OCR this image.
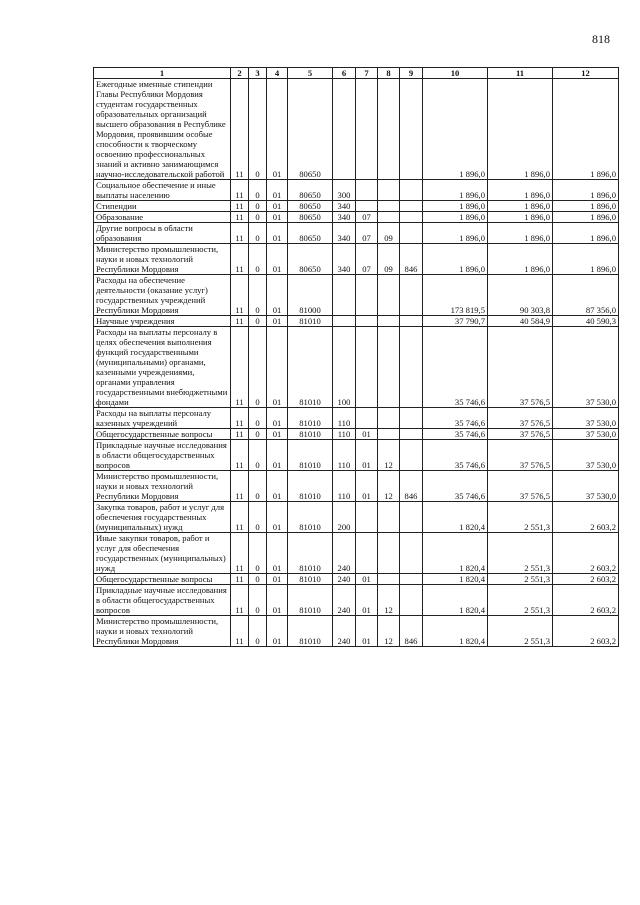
818
1	2	3	4	5	6	7	8	9	10	11	12
Ежегодные именные стипендии Главы Республики Мордовия студентам государственных образовательных организаций высшего образования в Республике Мордовия, проявившим особые способности к творческому освоению профессиональных знаний и активно занимающимся научно-исследовательской работой	11	0	01	80650					1 896,0	1 896,0	1 896,0
Социальное обеспечение и иные выплаты населению	11	0	01	80650	300				1 896,0	1 896,0	1 896,0
Стипендии	11	0	01	80650	340				1 896,0	1 896,0	1 896,0
Образование	11	0	01	80650	340	07			1 896,0	1 896,0	1 896,0
Другие вопросы в области образования	11	0	01	80650	340	07	09		1 896,0	1 896,0	1 896,0
Министерство промышленности, науки и новых технологий Республики Мордовия	11	0	01	80650	340	07	09	846	1 896,0	1 896,0	1 896,0
Расходы на обеспечение деятельности (оказание услуг) государственных учреждений Республики Мордовия	11	0	01	81000					173 819,5	90 303,8	87 356,0
Научные учреждения	11	0	01	81010					37 790,7	40 584,9	40 590,3
Расходы на выплаты персоналу в целях обеспечения выполнения функций государственными (муниципальными) органами, казенными учреждениями, органами управления государственными внебюджетными фондами	11	0	01	81010	100				35 746,6	37 576,5	37 530,0
Расходы на выплаты персоналу казенных учреждений	11	0	01	81010	110				35 746,6	37 576,5	37 530,0
Общегосударственные вопросы	11	0	01	81010	110	01			35 746,6	37 576,5	37 530,0
Прикладные научные исследования в области общегосударственных вопросов	11	0	01	81010	110	01	12		35 746,6	37 576,5	37 530,0
Министерство промышленности, науки и новых технологий Республики Мордовия	11	0	01	81010	110	01	12	846	35 746,6	37 576,5	37 530,0
Закупка товаров, работ и услуг для обеспечения государственных (муниципальных) нужд	11	0	01	81010	200				1 820,4	2 551,3	2 603,2
Иные закупки товаров, работ и услуг для обеспечения государственных (муниципальных) нужд	11	0	01	81010	240				1 820,4	2 551,3	2 603,2
Общегосударственные вопросы	11	0	01	81010	240	01			1 820,4	2 551,3	2 603,2
Прикладные научные исследования в области общегосударственных вопросов	11	0	01	81010	240	01	12		1 820,4	2 551,3	2 603,2
Министерство промышленности, науки и новых технологий Республики Мордовия	11	0	01	81010	240	01	12	846	1 820,4	2 551,3	2 603,2
